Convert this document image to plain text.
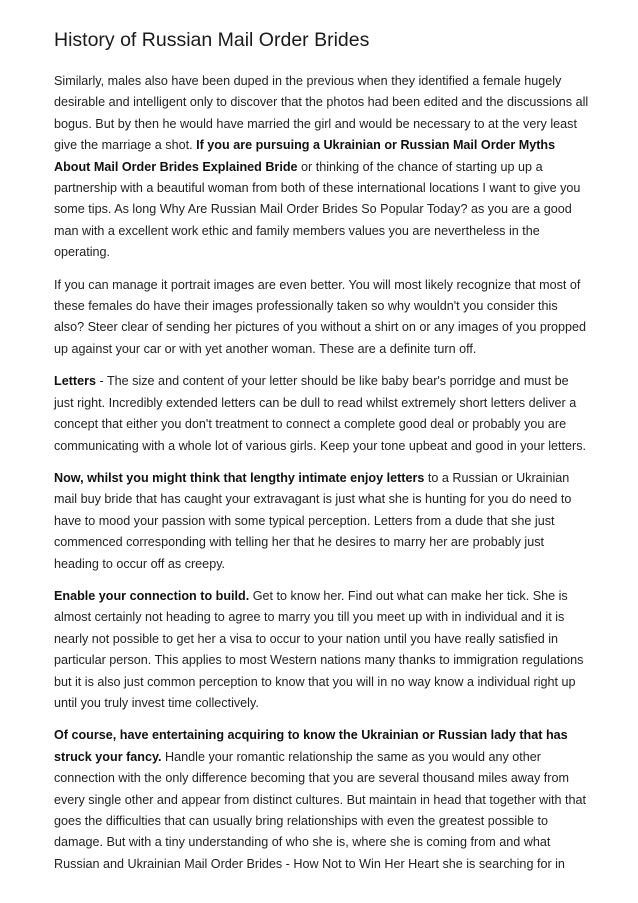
History of Russian Mail Order Brides

Similarly, males also have been duped in the previous when they identified a female hugely desirable and intelligent only to discover that the photos had been edited and the discussions all bogus. But by then he would have married the girl and would be necessary to at the very least give the marriage a shot. If you are pursuing a Ukrainian or Russian Mail Order Myths About Mail Order Brides Explained Bride or thinking of the chance of starting up up a partnership with a beautiful woman from both of these international locations I want to give you some tips. As long Why Are Russian Mail Order Brides So Popular Today? as you are a good man with a excellent work ethic and family members values you are nevertheless in the operating.

If you can manage it portrait images are even better. You will most likely recognize that most of these females do have their images professionally taken so why wouldn't you consider this also? Steer clear of sending her pictures of you without a shirt on or any images of you propped up against your car or with yet another woman. These are a definite turn off.

Letters - The size and content of your letter should be like baby bear's porridge and must be just right. Incredibly extended letters can be dull to read whilst extremely short letters deliver a concept that either you don't treatment to connect a complete good deal or probably you are communicating with a whole lot of various girls. Keep your tone upbeat and good in your letters.

Now, whilst you might think that lengthy intimate enjoy letters to a Russian or Ukrainian mail buy bride that has caught your extravagant is just what she is hunting for you do need to have to mood your passion with some typical perception. Letters from a dude that she just commenced corresponding with telling her that he desires to marry her are probably just heading to occur off as creepy.

Enable your connection to build. Get to know her. Find out what can make her tick. She is almost certainly not heading to agree to marry you till you meet up with in individual and it is nearly not possible to get her a visa to occur to your nation until you have really satisfied in particular person. This applies to most Western nations many thanks to immigration regulations but it is also just common perception to know that you will in no way know a individual right up until you truly invest time collectively.

Of course, have entertaining acquiring to know the Ukrainian or Russian lady that has struck your fancy. Handle your romantic relationship the same as you would any other connection with the only difference becoming that you are several thousand miles away from every single other and appear from distinct cultures. But maintain in head that together with that goes the difficulties that can usually bring relationships with even the greatest possible to damage. But with a tiny understanding of who she is, where she is coming from and what Russian and Ukrainian Mail Order Brides - How Not to Win Her Heart she is searching for in
